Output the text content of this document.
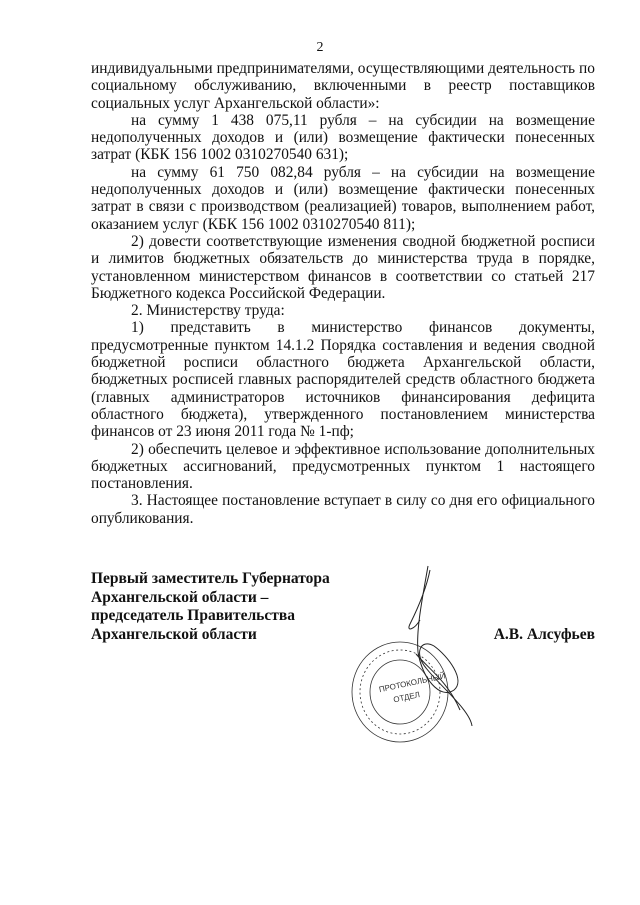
2

индивидуальными предпринимателями, осуществляющими деятельность по социальному обслуживанию, включенными в реестр поставщиков социальных услуг Архангельской области»:

на сумму 1 438 075,11 рубля – на субсидии на возмещение недополученных доходов и (или) возмещение фактически понесенных затрат (КБК 156 1002 0310270540 631);

на сумму 61 750 082,84 рубля – на субсидии на возмещение недополученных доходов и (или) возмещение фактически понесенных затрат в связи с производством (реализацией) товаров, выполнением работ, оказанием услуг (КБК 156 1002 0310270540 811);

2) довести соответствующие изменения сводной бюджетной росписи и лимитов бюджетных обязательств до министерства труда в порядке, установленном министерством финансов в соответствии со статьей 217 Бюджетного кодекса Российской Федерации.

2. Министерству труда:

1) представить в министерство финансов документы, предусмотренные пунктом 14.1.2 Порядка составления и ведения сводной бюджетной росписи областного бюджета Архангельской области, бюджетных росписей главных распорядителей средств областного бюджета (главных администраторов источников финансирования дефицита областного бюджета), утвержденного постановлением министерства финансов от 23 июня 2011 года № 1-пф;

2) обеспечить целевое и эффективное использование дополнительных бюджетных ассигнований, предусмотренных пунктом 1 настоящего постановления.

3. Настоящее постановление вступает в силу со дня его официального опубликования.

ПРОТОКОЛЬНЫЙ
ОТДЕЛ
Первый заместитель Губернатора
Архангельской области –
председатель Правительства
Архангельской области	А.В. Алсуфьев
